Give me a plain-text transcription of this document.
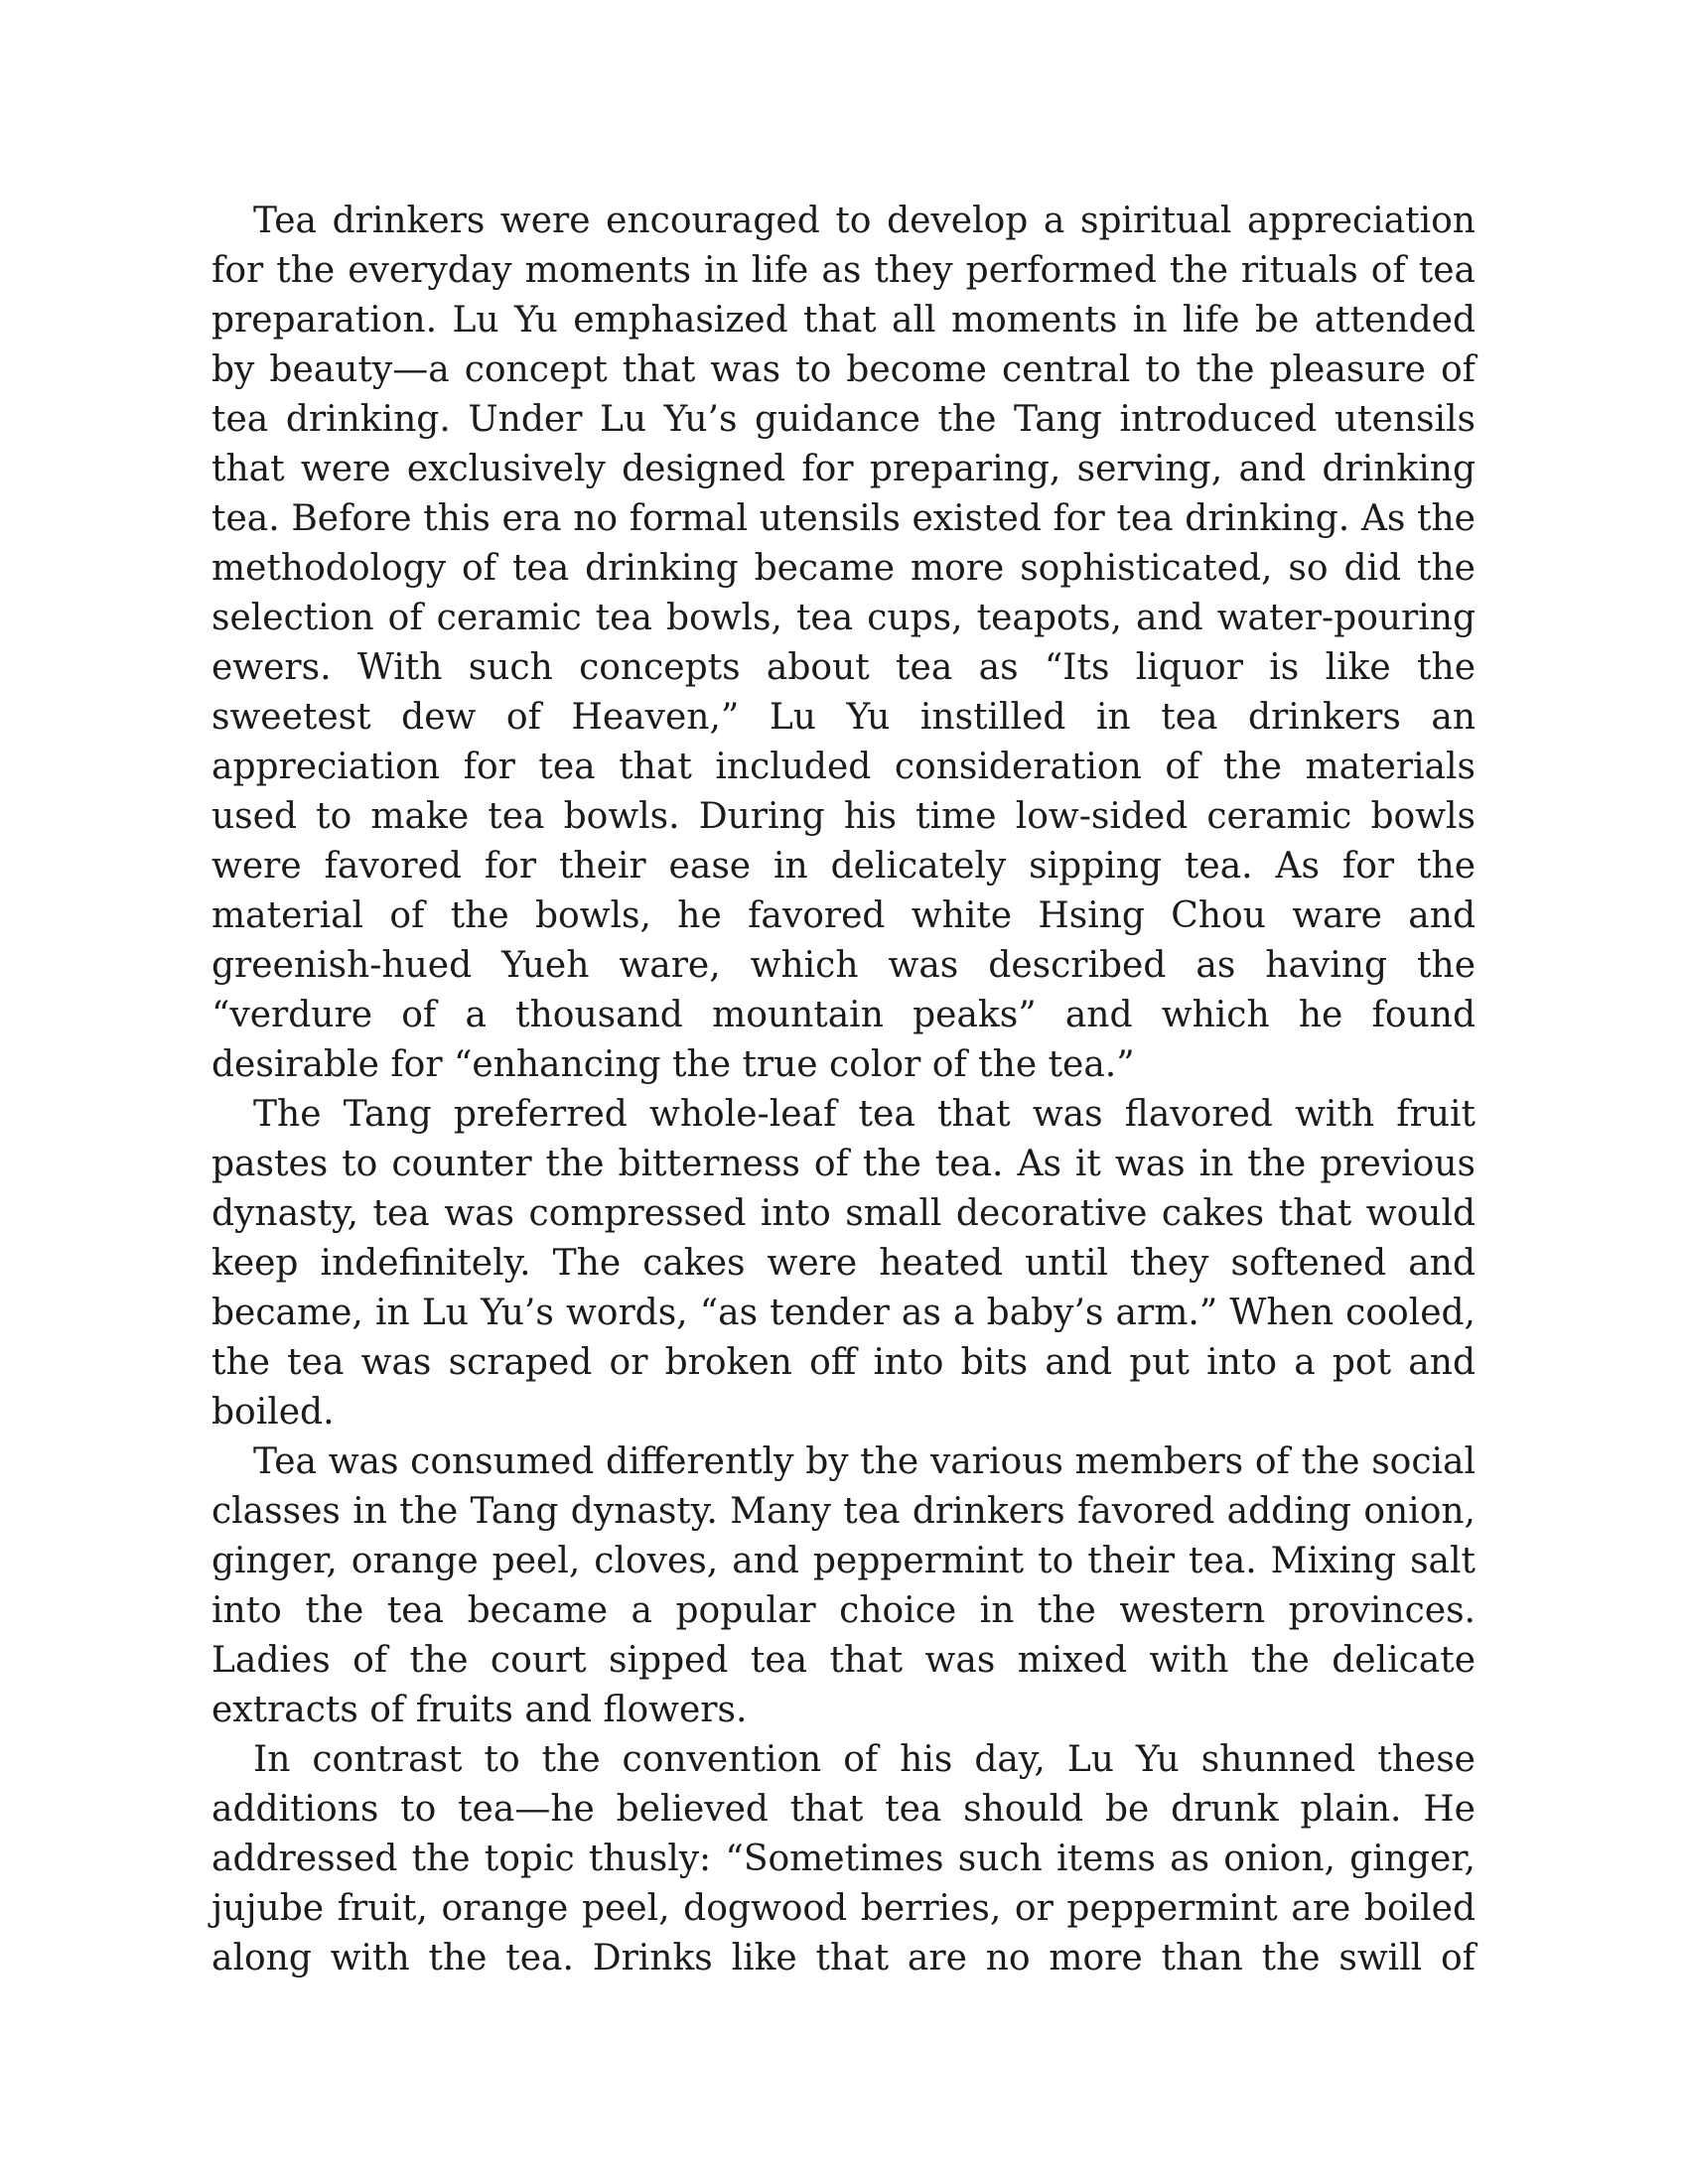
Tea drinkers were encouraged to develop a spiritual appreciation for the everyday moments in life as they performed the rituals of tea preparation. Lu Yu emphasized that all moments in life be attended by beauty—a concept that was to become central to the pleasure of tea drinking. Under Lu Yu’s guidance the Tang introduced utensils that were exclusively designed for preparing, serving, and drinking tea. Before this era no formal utensils existed for tea drinking. As the methodology of tea drinking became more sophisticated, so did the selection of ceramic tea bowls, tea cups, teapots, and water-pouring ewers. With such concepts about tea as “Its liquor is like the sweetest dew of Heaven,” Lu Yu instilled in tea drinkers an appreciation for tea that included consideration of the materials used to make tea bowls. During his time low-sided ceramic bowls were favored for their ease in delicately sipping tea. As for the material of the bowls, he favored white Hsing Chou ware and greenish-hued Yueh ware, which was described as having the “verdure of a thousand mountain peaks” and which he found desirable for “enhancing the true color of the tea.”

The Tang preferred whole-leaf tea that was flavored with fruit pastes to counter the bitterness of the tea. As it was in the previous dynasty, tea was compressed into small decorative cakes that would keep indefinitely. The cakes were heated until they softened and became, in Lu Yu’s words, “as tender as a baby’s arm.” When cooled, the tea was scraped or broken off into bits and put into a pot and boiled.

Tea was consumed differently by the various members of the social classes in the Tang dynasty. Many tea drinkers favored adding onion, ginger, orange peel, cloves, and peppermint to their tea. Mixing salt into the tea became a popular choice in the western provinces. Ladies of the court sipped tea that was mixed with the delicate extracts of fruits and flowers.

In contrast to the convention of his day, Lu Yu shunned these additions to tea—he believed that tea should be drunk plain. He addressed the topic thusly: “Sometimes such items as onion, ginger, jujube fruit, orange peel, dogwood berries, or peppermint are boiled along with the tea. Drinks like that are no more than the swill of
